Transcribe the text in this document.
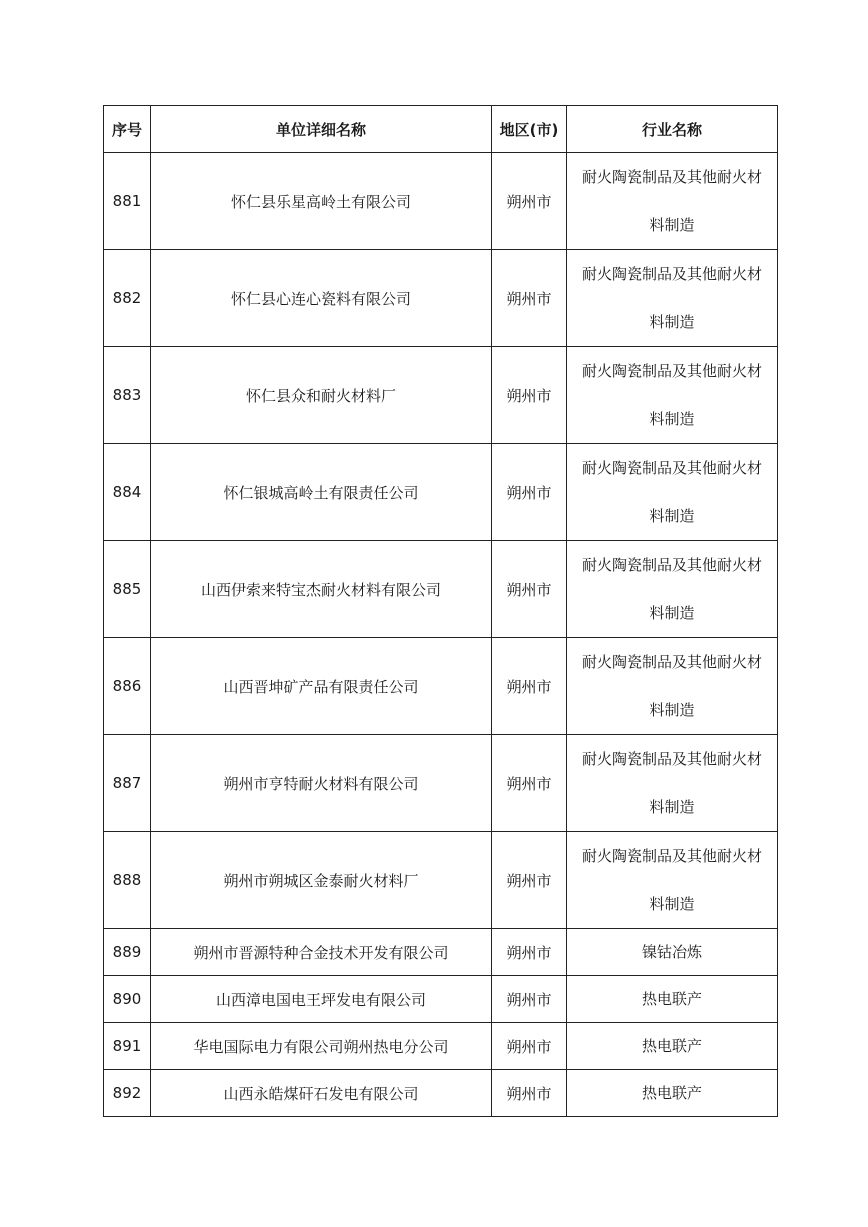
序号	单位详细名称	地区(市)	行业名称
881	怀仁县乐星高岭土有限公司	朔州市	耐火陶瓷制品及其他耐火材料制造
882	怀仁县心连心瓷料有限公司	朔州市	耐火陶瓷制品及其他耐火材料制造
883	怀仁县众和耐火材料厂	朔州市	耐火陶瓷制品及其他耐火材料制造
884	怀仁银城高岭土有限责任公司	朔州市	耐火陶瓷制品及其他耐火材料制造
885	山西伊索来特宝杰耐火材料有限公司	朔州市	耐火陶瓷制品及其他耐火材料制造
886	山西晋坤矿产品有限责任公司	朔州市	耐火陶瓷制品及其他耐火材料制造
887	朔州市亨特耐火材料有限公司	朔州市	耐火陶瓷制品及其他耐火材料制造
888	朔州市朔城区金泰耐火材料厂	朔州市	耐火陶瓷制品及其他耐火材料制造
889	朔州市晋源特种合金技术开发有限公司	朔州市	镍钴冶炼
890	山西漳电国电王坪发电有限公司	朔州市	热电联产
891	华电国际电力有限公司朔州热电分公司	朔州市	热电联产
892	山西永皓煤矸石发电有限公司	朔州市	热电联产
